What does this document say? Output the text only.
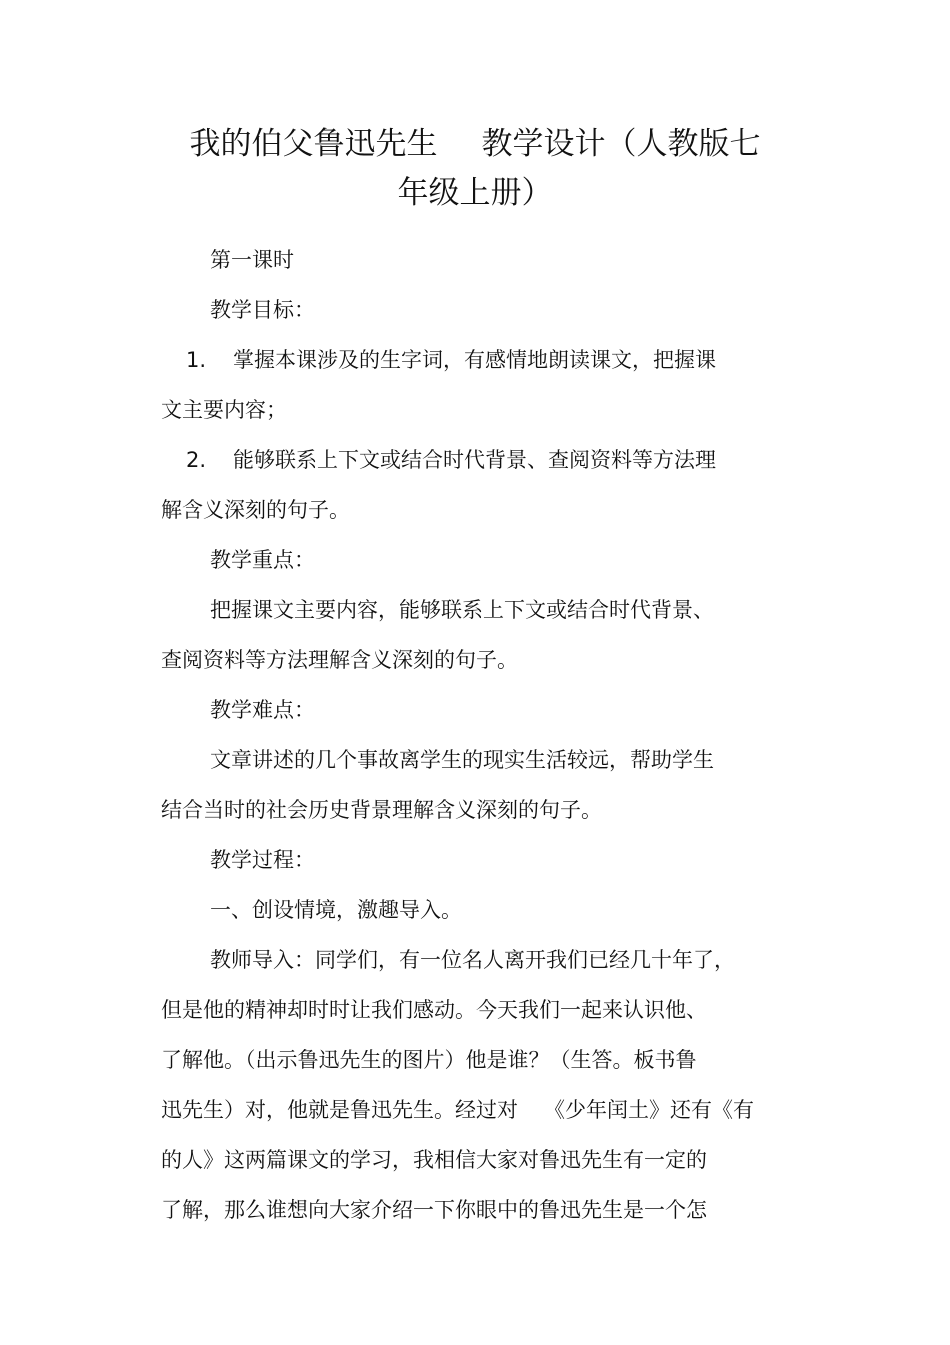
我的伯父鲁迅先生 教学设计（人教版七
年级上册）
第一课时
教学目标：
1. 掌握本课涉及的生字词，有感情地朗读课文，把握课
文主要内容；
2. 能够联系上下文或结合时代背景、查阅资料等方法理
解含义深刻的句子。
教学重点：
把握课文主要内容，能够联系上下文或结合时代背景、
查阅资料等方法理解含义深刻的句子。
教学难点：
文章讲述的几个事故离学生的现实生活较远，帮助学生
结合当时的社会历史背景理解含义深刻的句子。
教学过程：
一、创设情境，激趣导入。
教师导入：同学们，有一位名人离开我们已经几十年了，
但是他的精神却时时让我们感动。今天我们一起来认识他、
了解他。（出示鲁迅先生的图片）他是谁？（生答。板书鲁
迅先生）对，他就是鲁迅先生。经过对 《少年闰土》还有《有
的人》这两篇课文的学习，我相信大家对鲁迅先生有一定的
了解，那么谁想向大家介绍一下你眼中的鲁迅先生是一个怎
